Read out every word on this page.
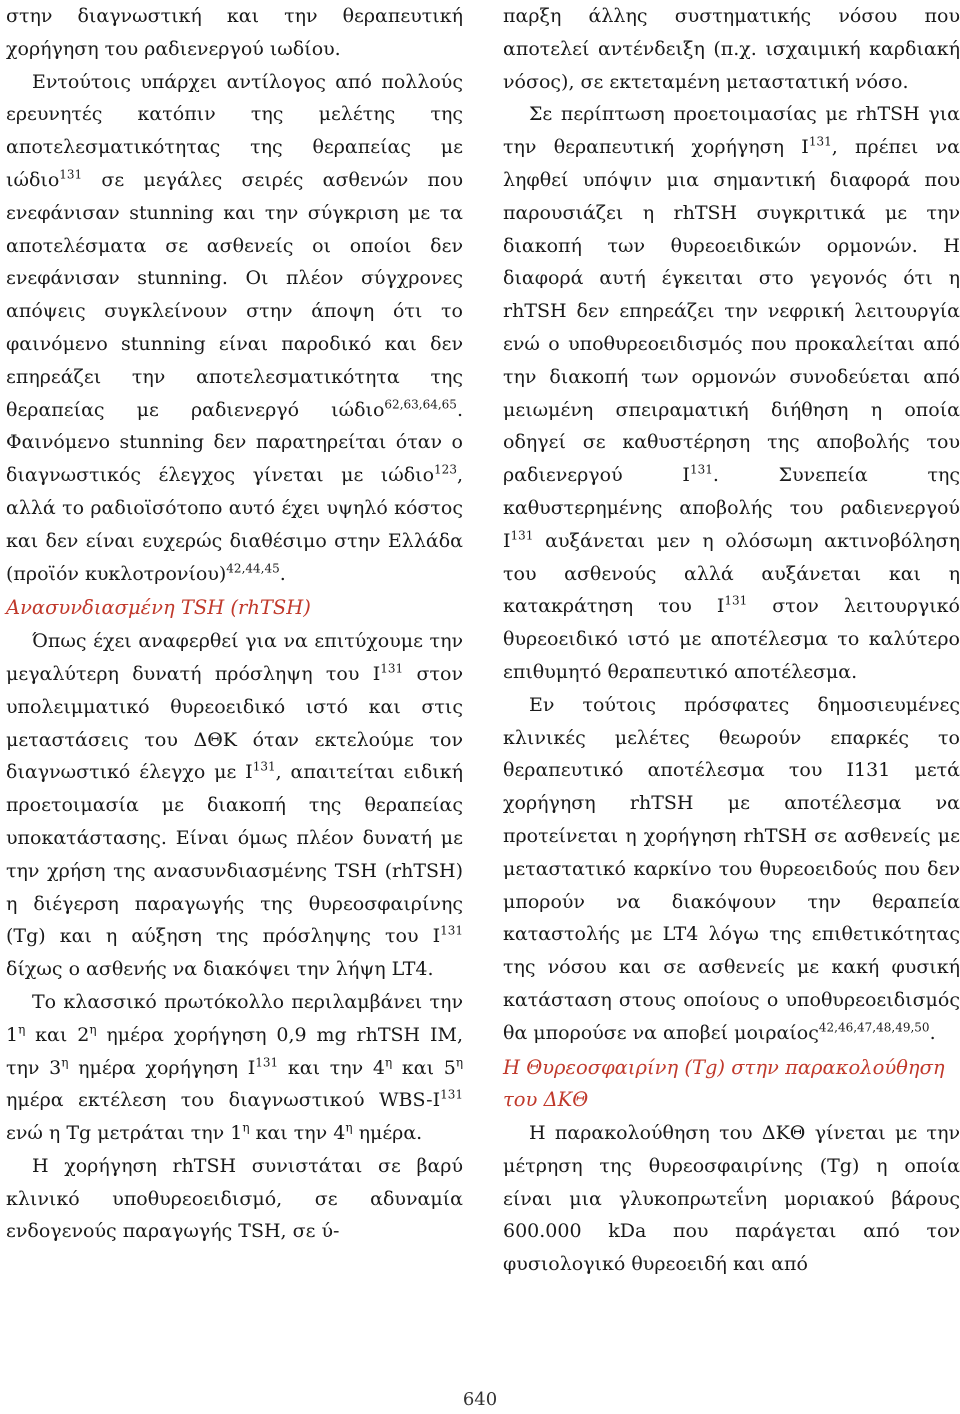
στην διαγνωστική και την θεραπευτική χορήγηση του ραδιενεργού ιωδίου.

Εντούτοις υπάρχει αντίλογος από πολλούς ερευνητές κατόπιν της μελέτης της αποτελεσματικότητας της θεραπείας με ιώδιο$^{131}$ σε μεγάλες σειρές ασθενών που ενεφάνισαν stunning και την σύγκριση με τα αποτελέσματα σε ασθενείς οι οποίοι δεν ενεφάνισαν stunning. Οι πλέον σύγχρονες απόψεις συγκλείνουν στην άποψη ότι το φαινόμενο stunning είναι παροδικό και δεν επηρεάζει την αποτελεσματικότητα της θεραπείας με ραδιενεργό ιώδιο$^{62,63,64,65}$. Φαινόμενο stunning δεν παρατηρείται όταν ο διαγνωστικός έλεγχος γίνεται με ιώδιο$^{123}$, αλλά το ραδιοϊσότοπο αυτό έχει υψηλό κόστος και δεν είναι ευχερώς διαθέσιμο στην Ελλάδα (προϊόν κυκλοτρονίου)$^{42,44,45}$.

Ανασυνδιασμένη TSH (rhTSH)

Όπως έχει αναφερθεί για να επιτύχουμε την μεγαλύτερη δυνατή πρόσληψη του $I^{131}$ στον υπολειμματικό θυρεοειδικό ιστό και στις μεταστάσεις του ΔΘΚ όταν εκτελούμε τον διαγνωστικό έλεγχο με $I^{131}$, απαιτείται ειδική προετοιμασία με διακοπή της θεραπείας υποκατάστασης. Είναι όμως πλέον δυνατή με την χρήση της ανασυνδιασμένης TSH (rhTSH) η διέγερση παραγωγής της θυρεοσφαιρίνης (Tg) και η αύξηση της πρόσληψης του $I^{131}$ δίχως ο ασθενής να διακόψει την λήψη LT4.

Το κλασσικό πρωτόκολλο περιλαμβάνει την $1^\eta$ και $2^\eta$ ημέρα χορήγηση 0,9 mg rhTSH IM, την $3^\eta$ ημέρα χορήγηση $I^{131}$ και την $4^\eta$ και $5^\eta$ ημέρα εκτέλεση του διαγνωστικού WBS-$I^{131}$ ενώ η Tg μετράται την $1^\eta$ και την $4^\eta$ ημέρα.

Η χορήγηση rhTSH συνιστάται σε βαρύ κλινικό υποθυρεοειδισμό, σε αδυναμία ενδογενούς παραγωγής TSH, σε ύ-

παρξη άλλης συστηματικής νόσου που αποτελεί αντένδειξη (π.χ. ισχαιμική καρδιακή νόσος), σε εκτεταμένη μεταστατική νόσο.

Σε περίπτωση προετοιμασίας με rhTSH για την θεραπευτική χορήγηση $I^{131}$, πρέπει να ληφθεί υπόψιν μια σημαντική διαφορά που παρουσιάζει η rhTSH συγκριτικά με την διακοπή των θυρεοειδικών ορμονών. Η διαφορά αυτή έγκειται στο γεγονός ότι η rhTSH δεν επηρεάζει την νεφρική λειτουργία ενώ ο υποθυρεοειδισμός που προκαλείται από την διακοπή των ορμονών συνοδεύεται από μειωμένη σπειραματική διήθηση η οποία οδηγεί σε καθυστέρηση της αποβολής του ραδιενεργού $I^{131}$. Συνεπεία της καθυστερημένης αποβολής του ραδιενεργού $I^{131}$ αυξάνεται μεν η ολόσωμη ακτινοβόληση του ασθενούς αλλά αυξάνεται και η κατακράτηση του $I^{131}$ στον λειτουργικό θυρεοειδικό ιστό με αποτέλεσμα το καλύτερο επιθυμητό θεραπευτικό αποτέλεσμα.

Εν τούτοις πρόσφατες δημοσιευμένες κλινικές μελέτες θεωρούν επαρκές το θεραπευτικό αποτέλεσμα του I131 μετά χορήγηση rhTSH με αποτέλεσμα να προτείνεται η χορήγηση rhTSH σε ασθενείς με μεταστατικό καρκίνο του θυρεοειδούς που δεν μπορούν να διακόψουν την θεραπεία καταστολής με LT4 λόγω της επιθετικότητας της νόσου και σε ασθενείς με κακή φυσική κατάσταση στους οποίους ο υποθυρεοειδισμός θα μπορούσε να αποβεί μοιραίος$^{42,46,47,48,49,50}$.

Η Θυρεοσφαιρίνη (Tg) στην παρακολούθηση του ΔΚΘ

Η παρακολούθηση του ΔΚΘ γίνεται με την μέτρηση της θυρεοσφαιρίνης (Tg) η οποία είναι μια γλυκοπρωτεΐνη μοριακού βάρους 600.000 kDa που παράγεται από τον φυσιολογικό θυρεοειδή και από

640
